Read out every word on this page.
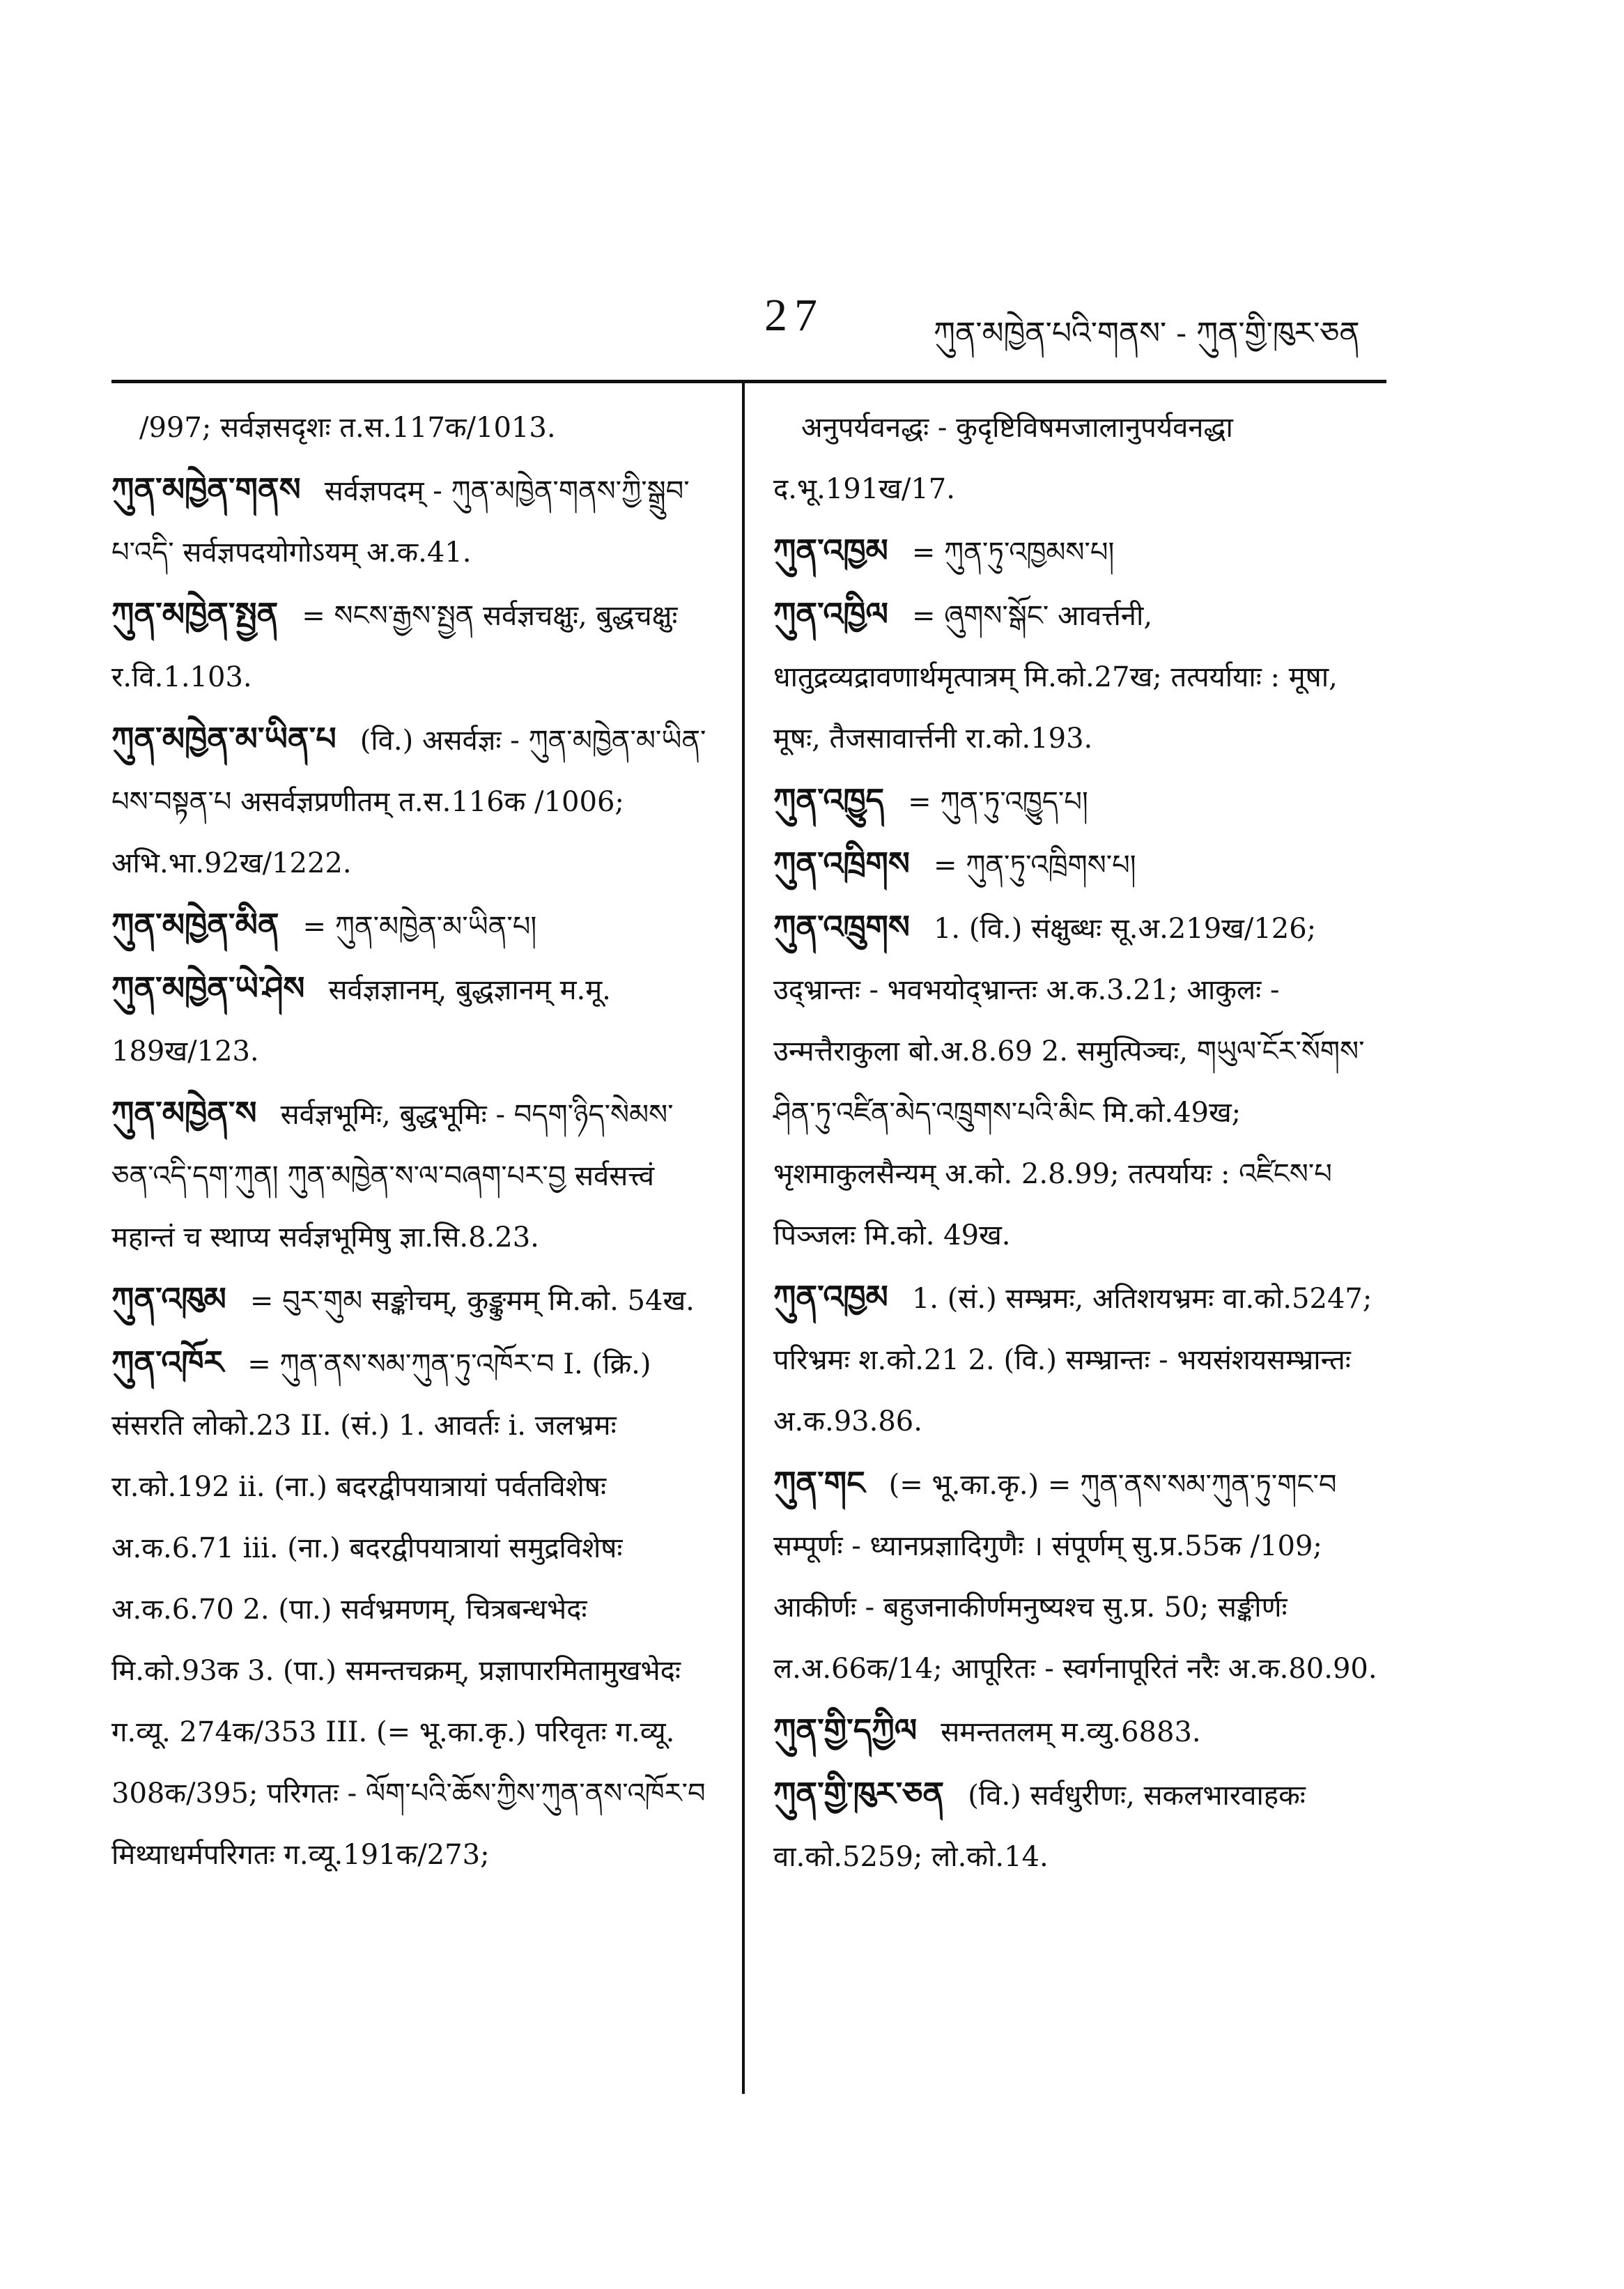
27	ཀུན་མཁྱེན་པའི་གནས་ - ཀུན་གྱི་ཁུར་ཅན

/997; सर्वज्ञसदृशः त.स.117क/1013.

ཀུན་མཁྱེན་གནས सर्वज्ञपदम् - ཀུན་མཁྱེན་གནས་ཀྱི་སྒྲུབ་པ་འདི་ सर्वज्ञपदयोगोऽयम् अ.क.41.

ཀུན་མཁྱེན་སྤྱན = སངས་རྒྱས་སྤྱན सर्वज्ञचक्षुः, बुद्धचक्षुः र.वि.1.103.

ཀུན་མཁྱེན་མ་ཡིན་པ (वि.) असर्वज्ञः - ཀུན་མཁྱེན་མ་ཡིན་པས་བསྟན་པ असर्वज्ञप्रणीतम् त.स.116क /1006; अभि.भा.92ख/1222.

ཀུན་མཁྱེན་མིན = ཀུན་མཁྱེན་མ་ཡིན་པ།

ཀུན་མཁྱེན་ཡེ་ཤེས सर्वज्ञज्ञानम्, बुद्धज्ञानम् म.मू. 189ख/123.

ཀུན་མཁྱེན་ས सर्वज्ञभूमिः, बुद्धभूमिः - བདག་ཉིད་སེམས་ཅན་འདི་དག་ཀུན། ཀུན་མཁྱེན་ས་ལ་བཞག་པར་བྱ सर्वसत्त्वं महान्तं च स्थाप्य सर्वज्ञभूमिषु ज्ञा.सि.8.23.

ཀུན་འཁུམ = བུར་གུམ सङ्कोचम्, कुङ्कुमम् मि.को. 54ख.

ཀུན་འཁོར = ཀུན་ནས་སམ་ཀུན་ཏུ་འཁོར་བ I. (क्रि.) संसरति लोको.23 II. (सं.) 1. आवर्तः i. जलभ्रमः रा.को.192 ii. (ना.) बदरद्वीपयात्रायां पर्वतविशेषः अ.क.6.71 iii. (ना.) बदरद्वीपयात्रायां समुद्रविशेषः अ.क.6.70 2. (पा.) सर्वभ्रमणम्, चित्रबन्धभेदः मि.को.93क 3. (पा.) समन्तचक्रम्, प्रज्ञापारमितामुखभेदः ग.व्यू. 274क/353 III. (= भू.का.कृ.) परिवृतः ग.व्यू. 308क/395; परिगतः - ལོག་པའི་ཆོས་ཀྱིས་ཀུན་ནས་འཁོར་བ मिथ्याधर्मपरिगतः ग.व्यू.191क/273;

अनुपर्यवनद्धः - कुदृष्टिविषमजालानुपर्यवनद्धा द.भू.191ख/17.

ཀུན་འཁྱམ = ཀུན་ཏུ་འཁྱམས་པ།

ཀུན་འཁྱིལ = ཞུགས་སྒོང་ आवर्त्तनी, धातुद्रव्यद्रावणार्थमृत्पात्रम् मि.को.27ख; तत्पर्यायाः : मूषा, मूषः, तैजसावार्त्तनी रा.को.193.

ཀུན་འཁྱུད = ཀུན་ཏུ་འཁྱུད་པ།

ཀུན་འཁྲིགས = ཀུན་ཏུ་འཁྲིགས་པ།

ཀུན་འཁྲུགས 1. (वि.) संक्षुब्धः सू.अ.219ख/126; उद्भ्रान्तः - भवभयोद्भ्रान्तः अ.क.3.21; आकुलः - उन्मत्तैराकुला बो.अ.8.69 2. समुत्पिञ्चः, གཡུལ་ངོར་སོགས་ཤིན་ཏུ་འཛིན་མེད་འཁྲུགས་པའི་མིང मि.को.49ख; भृशमाकुलसैन्यम् अ.को. 2.8.99; तत्पर्यायः : འཛིངས་པ पिञ्जलः मि.को. 49ख.

ཀུན་འཁྱམ 1. (सं.) सम्भ्रमः, अतिशयभ्रमः वा.को.5247; परिभ्रमः श.को.21 2. (वि.) सम्भ्रान्तः - भयसंशयसम्भ्रान्तः अ.क.93.86.

ཀུན་གང (= भू.का.कृ.) = ཀུན་ནས་སམ་ཀུན་ཏུ་གང་བ सम्पूर्णः - ध्यानप्रज्ञादिगुणैः । संपूर्णम् सु.प्र.55क /109; आकीर्णः - बहुजनाकीर्णमनुष्यश्च सु.प्र. 50; सङ्कीर्णः ल.अ.66क/14; आपूरितः - स्वर्गनापूरितं नरैः अ.क.80.90.

ཀུན་གྱི་དཀྱིལ समन्ततलम् म.व्यु.6883.

ཀུན་གྱི་ཁུར་ཅན (वि.) सर्वधुरीणः, सकलभारवाहकः वा.को.5259; लो.को.14.
